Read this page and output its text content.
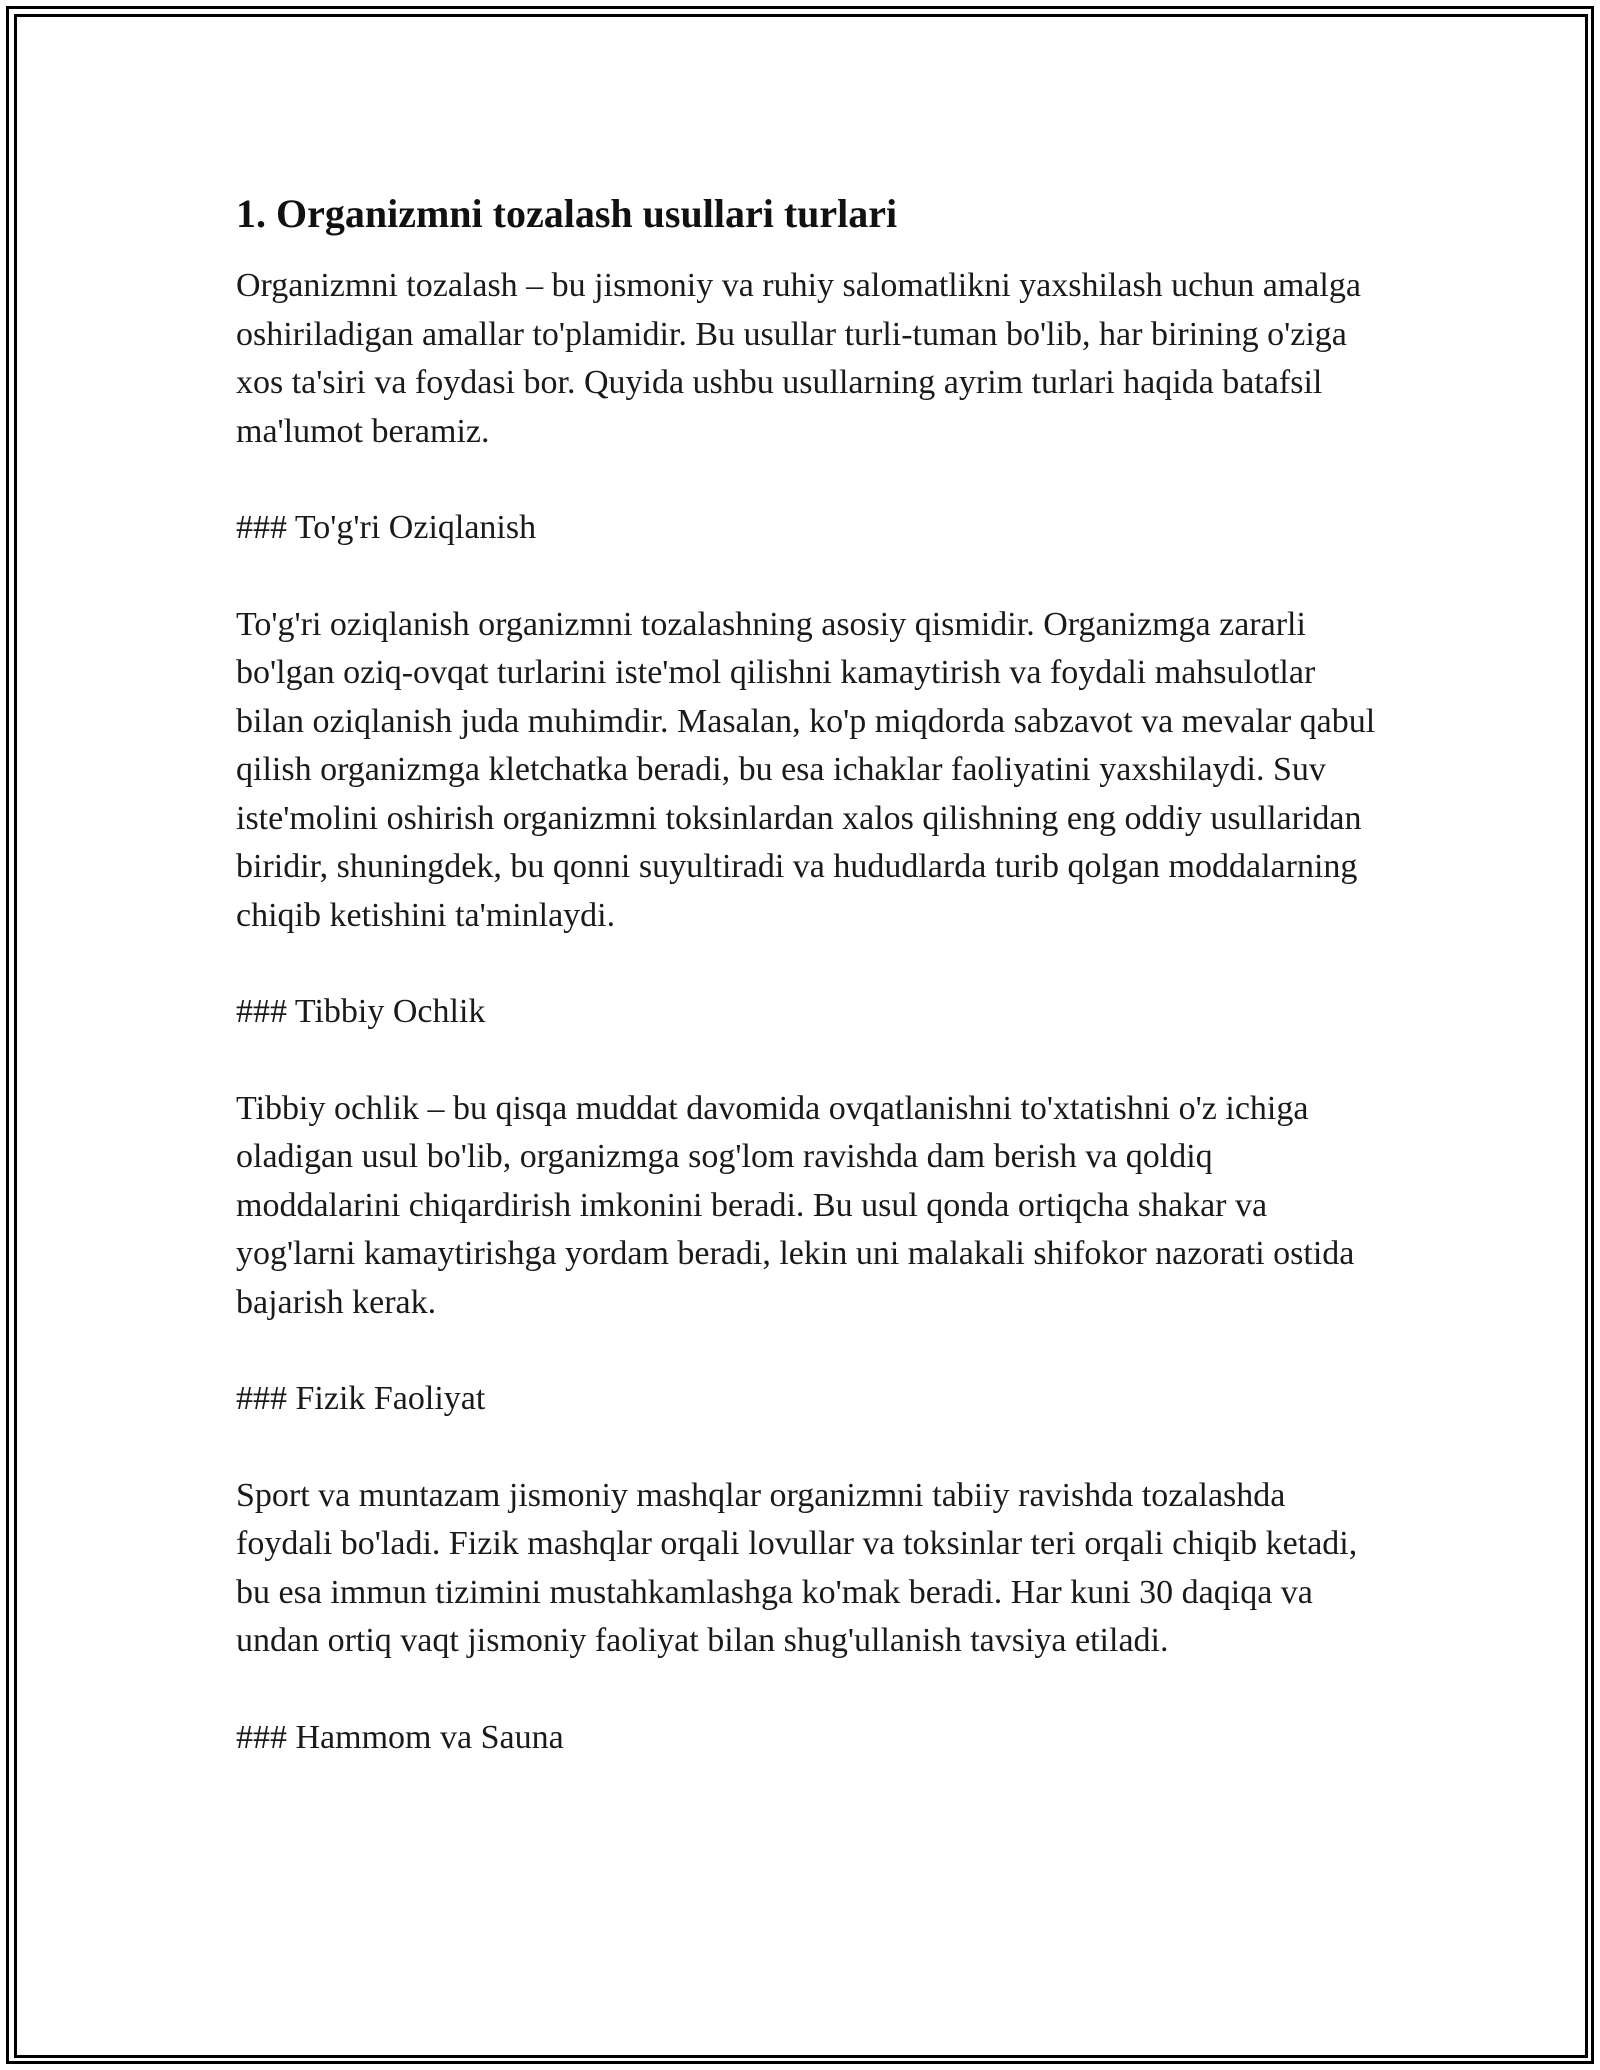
1. Organizmni tozalash usullari turlari

Organizmni tozalash – bu jismoniy va ruhiy salomatlikni yaxshilash uchun amalga oshiriladigan amallar to'plamidir. Bu usullar turli-tuman bo'lib, har birining o'ziga xos ta'siri va foydasi bor. Quyida ushbu usullarning ayrim turlari haqida batafsil ma'lumot beramiz.

### To'g'ri Oziqlanish

To'g'ri oziqlanish organizmni tozalashning asosiy qismidir. Organizmga zararli bo'lgan oziq-ovqat turlarini iste'mol qilishni kamaytirish va foydali mahsulotlar bilan oziqlanish juda muhimdir. Masalan, ko'p miqdorda sabzavot va mevalar qabul qilish organizmga kletchatka beradi, bu esa ichaklar faoliyatini yaxshilaydi. Suv iste'molini oshirish organizmni toksinlardan xalos qilishning eng oddiy usullaridan biridir, shuningdek, bu qonni suyultiradi va hududlarda turib qolgan moddalarning chiqib ketishini ta'minlaydi.

### Tibbiy Ochlik

Tibbiy ochlik – bu qisqa muddat davomida ovqatlanishni to'xtatishni o'z ichiga oladigan usul bo'lib, organizmga sog'lom ravishda dam berish va qoldiq moddalarini chiqardirish imkonini beradi. Bu usul qonda ortiqcha shakar va yog'larni kamaytirishga yordam beradi, lekin uni malakali shifokor nazorati ostida bajarish kerak.

### Fizik Faoliyat

Sport va muntazam jismoniy mashqlar organizmni tabiiy ravishda tozalashda foydali bo'ladi. Fizik mashqlar orqali lovullar va toksinlar teri orqali chiqib ketadi, bu esa immun tizimini mustahkamlashga ko'mak beradi. Har kuni 30 daqiqa va undan ortiq vaqt jismoniy faoliyat bilan shug'ullanish tavsiya etiladi.

### Hammom va Sauna
